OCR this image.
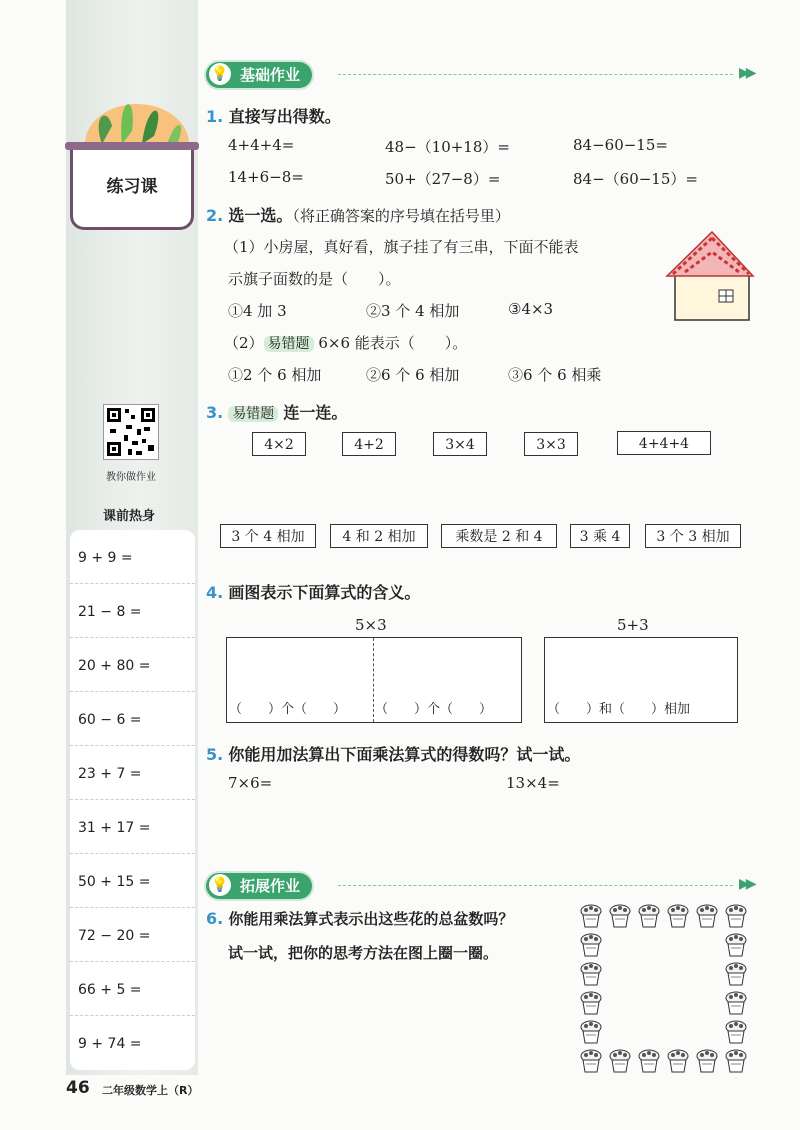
练习课
教你做作业
课前热身
9 + 9 =
21 − 8 =
20 + 80 =
60 − 6 =
23 + 7 =
31 + 17 =
50 + 15 =
72 − 20 =
66 + 5 =
9 + 74 =
46 二年级数学上（R）
💡 基础作业	▶▶
1. 直接写出得数。
4+4+4=	48−（10+18）=	84−60−15=
14+6−8=	50+（27−8）=	84−（60−15）=
2. 选一选。（将正确答案的序号填在括号里）
（1）小房屋，真好看，旗子挂了有三串，下面不能表
示旗子面数的是（　　）。
①4 加 3	②3 个 4 相加	③4×3
（2） 易错题 6×6 能表示（　　）。
①2 个 6 相加	②6 个 6 相加	③6 个 6 相乘
3. 易错题 连一连。
4×2	4+2	3×4	3×3	4+4+4
3 个 4 相加	4 和 2 相加	乘数是 2 和 4	3 乘 4	3 个 3 相加
4. 画图表示下面算式的含义。
5×3	5+3
（　　）个（　　） （　　）个（　　）	（　　）和（　　）相加
5. 你能用加法算出下面乘法算式的得数吗？试一试。
7×6=	13×4=
💡 拓展作业	▶▶
6. 你能用乘法算式表示出这些花的总盆数吗？
试一试，把你的思考方法在图上圈一圈。
